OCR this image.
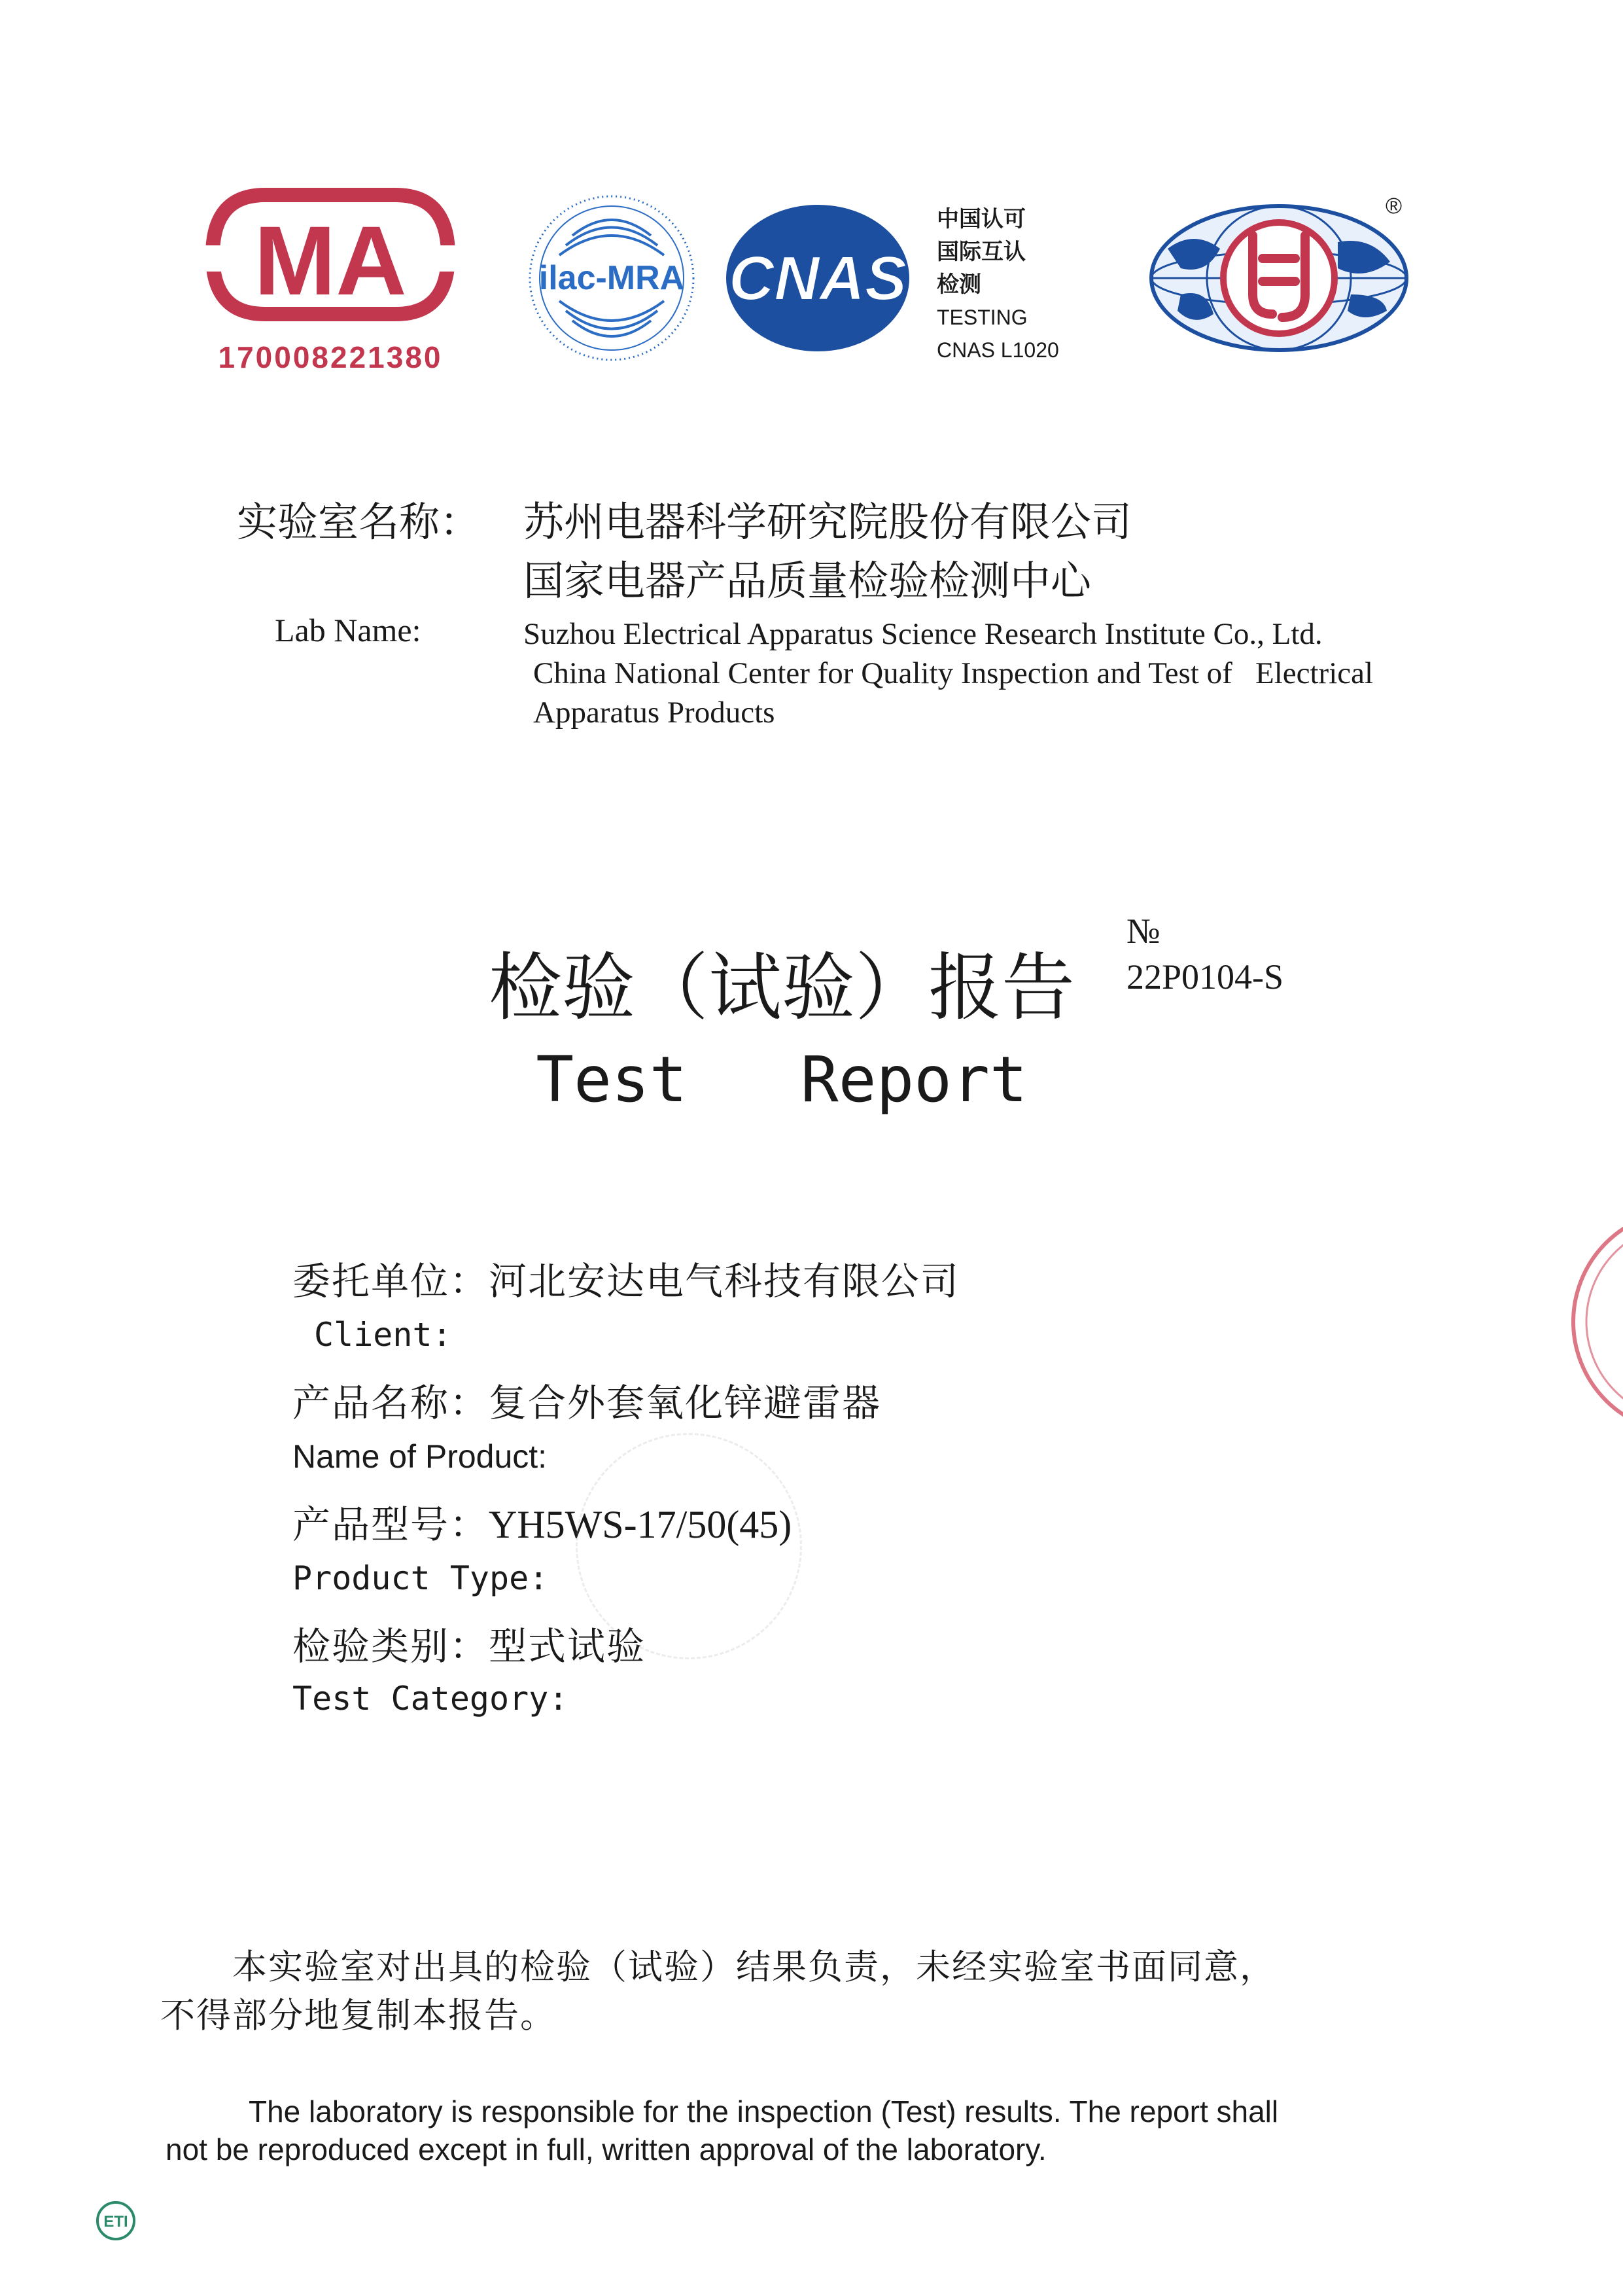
MA
170008221380
ilac-MRA CNAS
中国认可
国际互认
检测
TESTING
CNAS L1020
®
实验室名称： 苏州电器科学研究院股份有限公司
国家电器产品质量检验检测中心
Lab Name:	Suzhou Electrical Apparatus Science Research Institute Co., Ltd.
China National Center for Quality Inspection and Test of   Electrical
Apparatus Products

№
22P0104-S

检验（试验）报告
Test   Report
委托单位：河北安达电气科技有限公司
Client:
产品名称：复合外套氧化锌避雷器
Name of Product:
产品型号：YH5WS-17/50(45)
Product Type:
检验类别：型式试验
Test Category:
本实验室对出具的检验（试验）结果负责，未经实验室书面同意，
不得部分地复制本报告。
The laboratory is responsible for the inspection (Test) results. The report shall
not be reproduced except in full, written approval of the laboratory.
ETI
